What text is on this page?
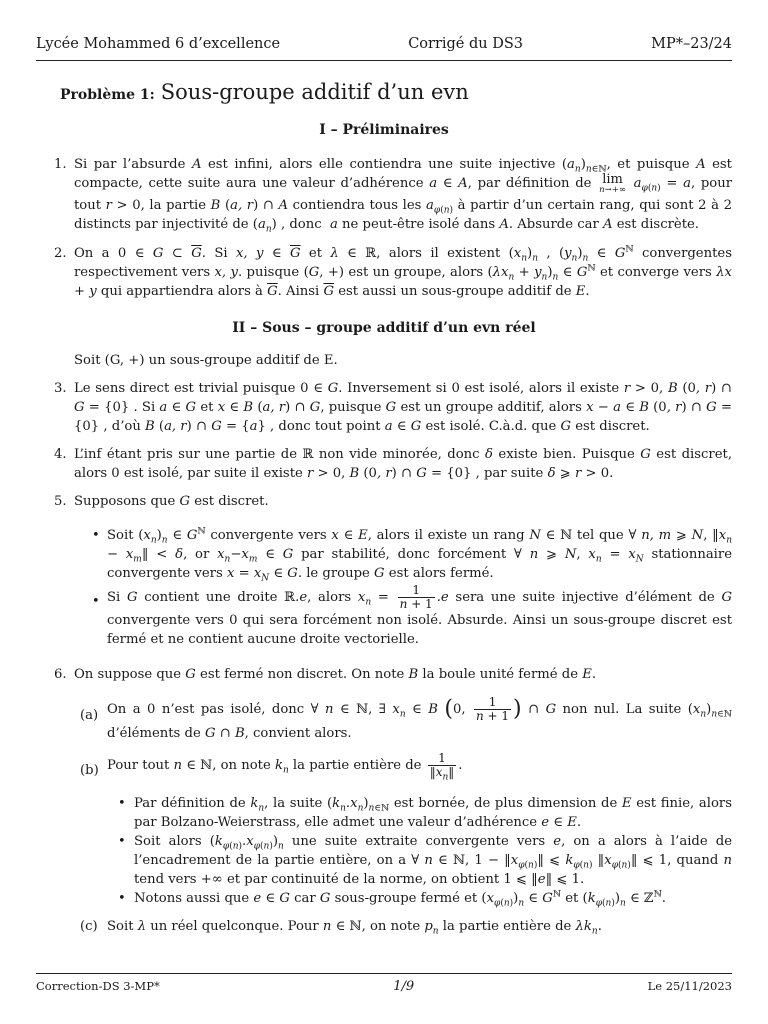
Lycée Mohammed 6 d’excellence	Corrigé du DS3	MP*–23/24
Problème 1: Sous-groupe additif d’un evn
I – Préliminaires
1. Si par l’absurde A est infini, alors elle contiendra une suite injective $(a_n)_{n\in ℕ}$, et puisque A est compacte, cette suite aura une valeur d’adhérence a ∈ A, par définition de lim
n→+∞ $a_{\varphi(n)} = a$, pour tout r > 0, la partie B (a, r) ∩ A contiendra tous les $a_{\varphi(n)}$ à partir d’un certain rang, qui sont 2 à 2 distincts par injectivité de $(a_n)$ , donc  a ne peut-être isolé dans A. Absurde car A est discrète.

2. On a 0 ∈ G ⊂ $\overline{G}$. Si x, y ∈ $\overline{G}$ et λ ∈ ℝ, alors il existent $(x_n)_n$ , $(y_n)_n$ ∈ $G^ℕ$ convergentes respectivement vers x, y. puisque (G, +) est un groupe, alors $(\lambda x_n + y_n)_n$ ∈ $G^ℕ$ et converge vers λx + y qui appartiendra alors à $\overline{G}$. Ainsi $\overline{G}$ est aussi un sous-groupe additif de E.

II – Sous – groupe additif d’un evn réel

Soit (G, +) un sous-groupe additif de E.

3. Le sens direct est trivial puisque 0 ∈ G. Inversement si 0 est isolé, alors il existe r > 0, B (0, r) ∩ G = {0} . Si a ∈ G et x ∈ B (a, r) ∩ G, puisque G est un groupe additif, alors x − a ∈ B (0, r) ∩ G = {0} , d’où B (a, r) ∩ G = {a} , donc tout point a ∈ G est isolé. C.à.d. que G est discret.

4. L’inf étant pris sur une partie de ℝ non vide minorée, donc δ existe bien. Puisque G est discret, alors 0 est isolé, par suite il existe r > 0, B (0, r) ∩ G = {0} , par suite δ ⩾ r > 0.

5. Supposons que G est discret.

• Soit $(x_n)_n$ ∈ $G^ℕ$ convergente vers x ∈ E, alors il existe un rang N ∈ ℕ tel que ∀ n, m ⩾ N, $‖x_n$ − $x_m‖ < \delta$, or $x_n-x_m$ ∈ G par stabilité, donc forcément ∀ n ⩾ N, $x_n = x_N$ stationnaire convergente vers $x = x_N$ ∈ G. le groupe G est alors fermé.

• Si G contient une droite ℝ.e, alors $x_n = \frac{1}{n + 1} .e$ sera une suite injective d’élément de G convergente vers 0 qui sera forcément non isolé. Absurde. Ainsi un sous-groupe discret est fermé et ne contient aucune droite vectorielle.

6. On suppose que G est fermé non discret. On note B la boule unité fermé de E.

(a) On a 0 n’est pas isolé, donc ∀ n ∈ ℕ, ∃ $x_n$ ∈ B (0, $\frac{1}{n + 1}$ ) ∩ G non nul. La suite $(x_n)_{n\in ℕ}$ d’éléments de G ∩ B, convient alors.

(b) Pour tout n ∈ ℕ, on note $k_n$ la partie entière de $\frac{1}{‖x_n‖}$ .

• Par définition de $k_n$, la suite $(k_n.x_n)_{n\in ℕ}$ est bornée, de plus dimension de E est finie, alors par Bolzano-Weierstrass, elle admet une valeur d’adhérence e ∈ E.

• Soit alors $(k_{\varphi(n)}.x_{\varphi(n)})_n$ une suite extraite convergente vers e, on a alors à l’aide de l’encadrement de la partie entière, on a ∀ n ∈ ℕ, $1 - ‖x_{\varphi(n)}‖$ ⩽ $k_{\varphi(n)}$ $‖x_{\varphi(n)}‖$ ⩽ 1, quand n tend vers +∞ et par continuité de la norme, on obtient 1 ⩽ ‖e‖ ⩽ 1.

• Notons aussi que e ∈ G car G sous-groupe fermé et $(x_{\varphi(n)})_n$ ∈ $G^ℕ$ et $(k_{\varphi(n)})_n$ ∈ ℤ$^ℕ$.

(c) Soit λ un réel quelconque. Pour n ∈ ℕ, on note $p_n$ la partie entière de $\lambda k_n$.

Correction-DS 3-MP*	1/9	Le 25/11/2023
